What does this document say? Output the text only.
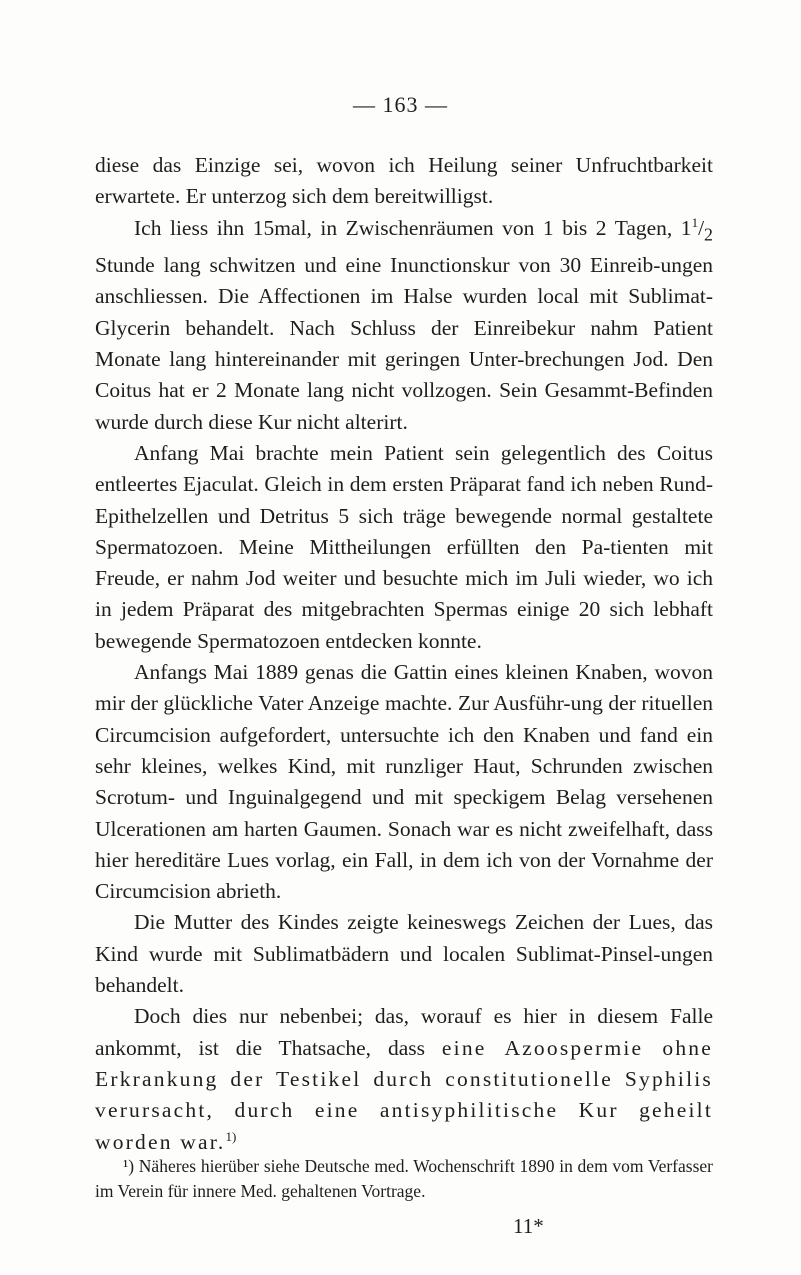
— 163 —

diese das Einzige sei, wovon ich Heilung seiner Unfruchtbarkeit erwartete. Er unterzog sich dem bereitwilligst.

Ich liess ihn 15mal, in Zwischenräumen von 1 bis 2 Tagen, $1^1/_2$ Stunde lang schwitzen und eine Inunctionskur von 30 Einreib-ungen anschliessen. Die Affectionen im Halse wurden local mit Sublimat-Glycerin behandelt. Nach Schluss der Einreibekur nahm Patient Monate lang hintereinander mit geringen Unter-brechungen Jod. Den Coitus hat er 2 Monate lang nicht vollzogen. Sein Gesammt-Befinden wurde durch diese Kur nicht alterirt.

Anfang Mai brachte mein Patient sein gelegentlich des Coitus entleertes Ejaculat. Gleich in dem ersten Präparat fand ich neben Rund-Epithelzellen und Detritus 5 sich träge bewegende normal gestaltete Spermatozoen. Meine Mittheilungen erfüllten den Pa-tienten mit Freude, er nahm Jod weiter und besuchte mich im Juli wieder, wo ich in jedem Präparat des mitgebrachten Spermas einige 20 sich lebhaft bewegende Spermatozoen entdecken konnte.

Anfangs Mai 1889 genas die Gattin eines kleinen Knaben, wovon mir der glückliche Vater Anzeige machte. Zur Ausführ-ung der rituellen Circumcision aufgefordert, untersuchte ich den Knaben und fand ein sehr kleines, welkes Kind, mit runzliger Haut, Schrunden zwischen Scrotum- und Inguinalgegend und mit speckigem Belag versehenen Ulcerationen am harten Gaumen. Sonach war es nicht zweifelhaft, dass hier hereditäre Lues vorlag, ein Fall, in dem ich von der Vornahme der Circumcision abrieth.

Die Mutter des Kindes zeigte keineswegs Zeichen der Lues, das Kind wurde mit Sublimatbädern und localen Sublimat-Pinsel-ungen behandelt.

Doch dies nur nebenbei; das, worauf es hier in diesem Falle ankommt, ist die Thatsache, dass eine Azoospermie ohne Erkrankung der Testikel durch constitutionelle Syphilis verursacht, durch eine antisyphilitische Kur geheilt worden war.$^{1)}$

¹) Näheres hierüber siehe Deutsche med. Wochenschrift 1890 in dem vom Verfasser im Verein für innere Med. gehaltenen Vortrage.

11*
